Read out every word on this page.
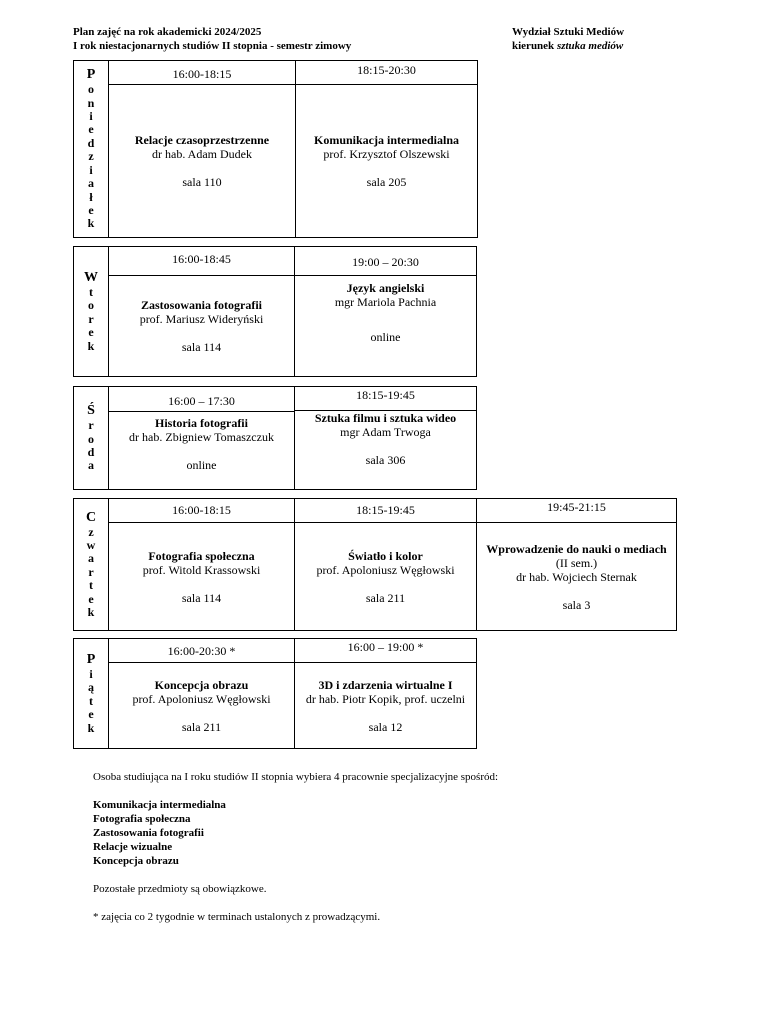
Plan zajęć na rok akademicki 2024/2025
I rok niestacjonarnych studiów II stopnia - semestr zimowy
Wydział Sztuki Mediów
kierunek sztuka mediów
P
o
n
i
e
d
z
i
a
ł
e
k
16:00-18:15
Relacje czasoprzestrzenne
dr hab. Adam Dudek
sala 110
18:15-20:30
Komunikacja intermedialna
prof. Krzysztof Olszewski
sala 205
W
t
o
r
e
k
16:00-18:45
Zastosowania fotografii
prof. Mariusz Wideryński
sala 114
19:00 – 20:30
Język angielski
mgr Mariola Pachnia
online
Ś
r
o
d
a
16:00 – 17:30
Historia fotografii
dr hab. Zbigniew Tomaszczuk
online
18:15-19:45
Sztuka filmu i sztuka wideo
mgr Adam Trwoga
sala 306
C
z
w
a
r
t
e
k
16:00-18:15
Fotografia społeczna
prof. Witold Krassowski
sala 114
18:15-19:45
Światło i kolor
prof. Apoloniusz Węgłowski
sala 211
19:45-21:15
Wprowadzenie do nauki o mediach
(II sem.)
dr hab. Wojciech Sternak
sala 3
P
i
ą
t
e
k
16:00-20:30 *
Koncepcja obrazu
prof. Apoloniusz Węgłowski
sala 211
16:00 – 19:00 *
3D i zdarzenia wirtualne I
dr hab. Piotr Kopik, prof. uczelni
sala 12

Osoba studiująca na I roku studiów II stopnia wybiera 4 pracownie specjalizacyjne spośród:

Komunikacja intermedialna

Fotografia społeczna

Zastosowania fotografii

Relacje wizualne

Koncepcja obrazu

Pozostałe przedmioty są obowiązkowe.

* zajęcia co 2 tygodnie w terminach ustalonych z prowadzącymi.
